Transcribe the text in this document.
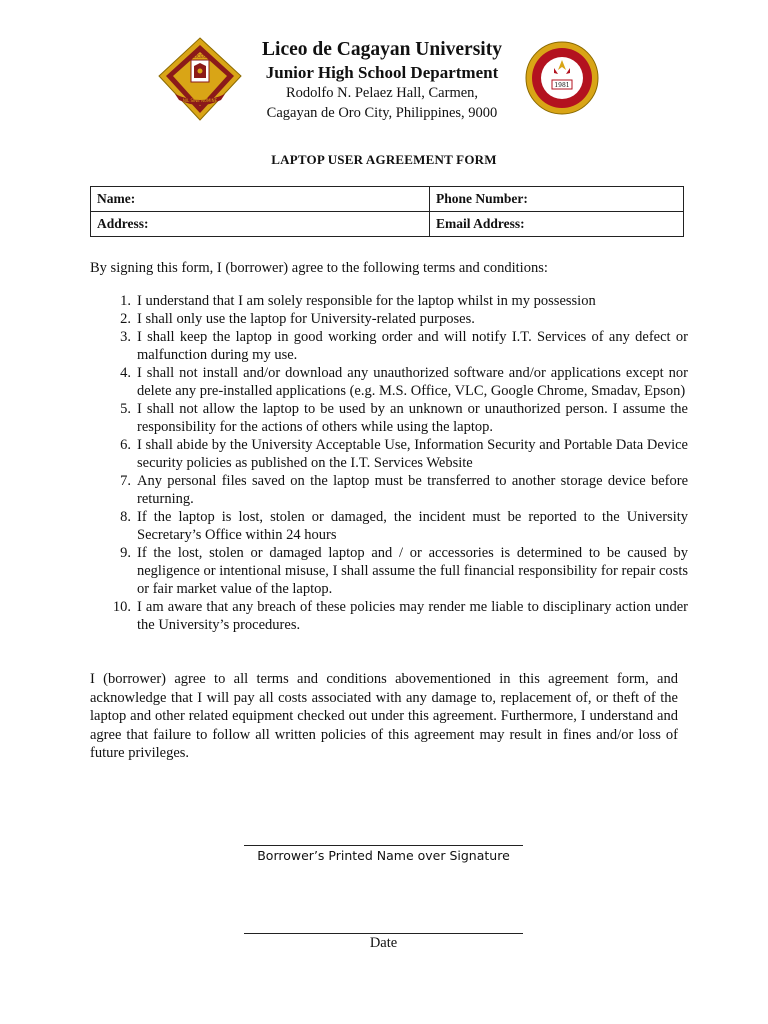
NIL SINE NUMINE
LICEO	Liceo de Cagayan University
Junior High School Department
Rodolfo N. Pelaez Hall, Carmen,
Cagayan de Oro City, Philippines, 9000
1981
LAPTOP USER AGREEMENT FORM
Name:	Phone Number:
Address:	Email Address:
By signing this form, I (borrower) agree to the following terms and conditions:
1. I understand that I am solely responsible for the laptop whilst in my possession
2. I shall only use the laptop for University-related purposes.
3. I shall keep the laptop in good working order and will notify I.T. Services of any defect or malfunction during my use.
4. I shall not install and/or download any unauthorized software and/or applications except nor delete any pre-installed applications (e.g. M.S. Office, VLC, Google Chrome, Smadav, Epson)
5. I shall not allow the laptop to be used by an unknown or unauthorized person. I assume the responsibility for the actions of others while using the laptop.
6. I shall abide by the University Acceptable Use, Information Security and Portable Data Device security policies as published on the I.T. Services Website
7. Any personal files saved on the laptop must be transferred to another storage device before returning.
8. If the laptop is lost, stolen or damaged, the incident must be reported to the University Secretary’s Office within 24 hours
9. If the lost, stolen or damaged laptop and / or accessories is determined to be caused by negligence or intentional misuse, I shall assume the full financial responsibility for repair costs or fair market value of the laptop.
10. I am aware that any breach of these policies may render me liable to disciplinary action under the University’s procedures.
I (borrower) agree to all terms and conditions abovementioned in this agreement form, and acknowledge that I will pay all costs associated with any damage to, replacement of, or theft of the laptop and other related equipment checked out under this agreement. Furthermore, I understand and agree that failure to follow all written policies of this agreement may result in fines and/or loss of future privileges.
Borrower’s Printed Name over Signature
Date
